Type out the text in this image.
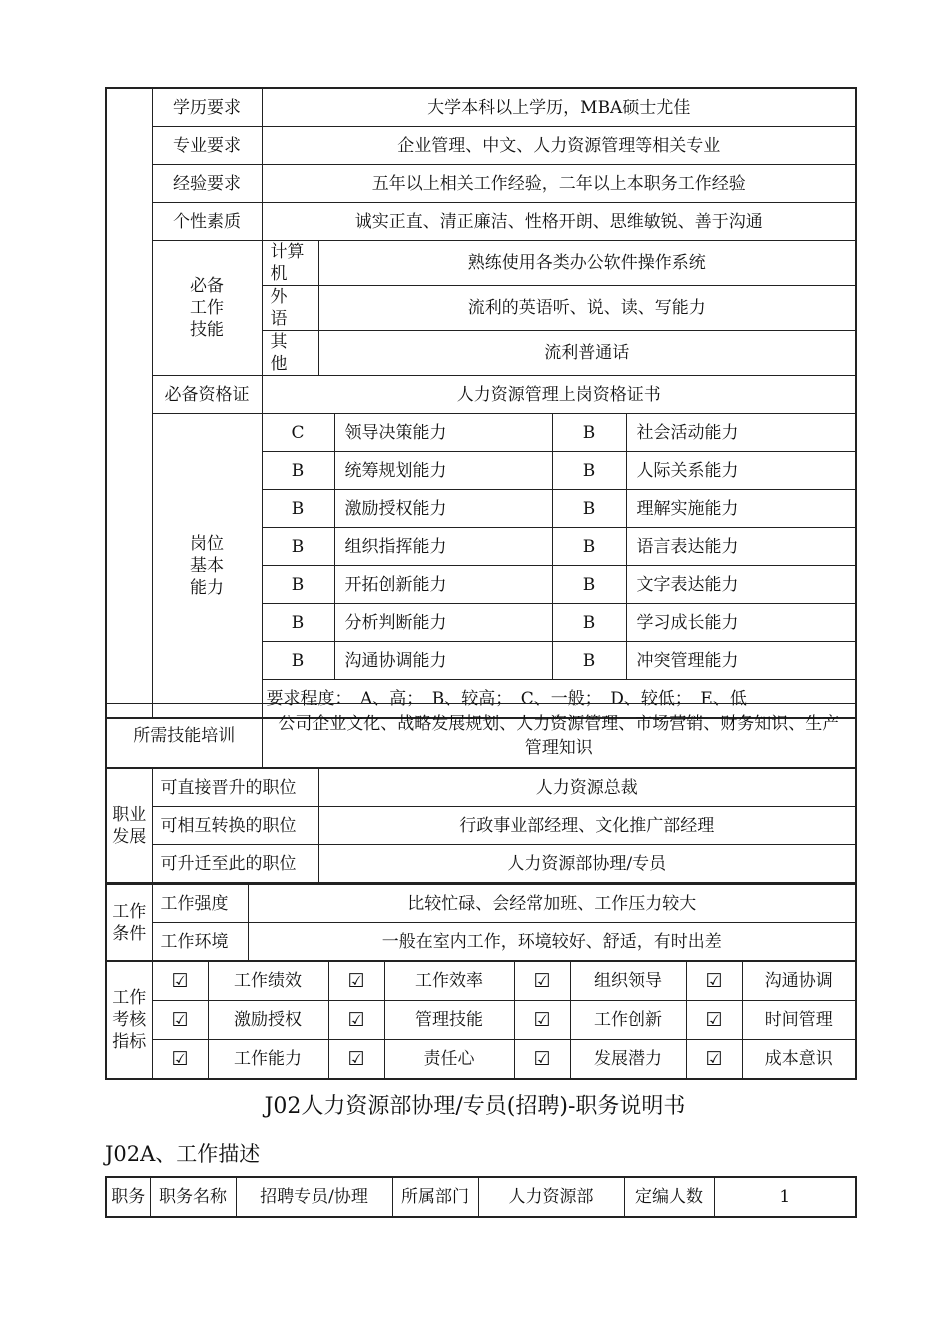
	学历要求	大学本科以上学历，MBA硕士尤佳				
	专业要求	企业管理、中文、人力资源管理等相关专业				
	经验要求	五年以上相关工作经验，二年以上本职务工作经验				
	个性素质	诚实正直、清正廉洁、性格开朗、思维敏锐、善于沟通				
	必备
工作
技能	计算机	熟练使用各类办公软件操作系统			
		外　语	流利的英语听、说、读、写能力			
		其　他	流利普通话			
	必备资格证	人力资源管理上岗资格证书				
	岗位
基本
能力	C		领导决策能力	B	社会活动能力
		B		统筹规划能力	B	人际关系能力
		B		激励授权能力	B	理解实施能力
		B		组织指挥能力	B	语言表达能力
		B		开拓创新能力	B	文字表达能力
		B		分析判断能力	B	学习成长能力
		B		沟通协调能力	B	冲突管理能力
		要求程度：　A、高；　B、较高；　C、一般；　D、较低；　E、低				
所需技能培训	公司企业文化、战略发展规划、人力资源管理、市场营销、财务知识、生产管理知识
职业
发展	可直接晋升的职位	人力资源总裁
	可相互转换的职位	行政事业部经理、文化推广部经理
	可升迁至此的职位	人力资源部协理/专员
工作
条件	工作强度	比较忙碌、会经常加班、工作压力较大
	工作环境	一般在室内工作，环境较好、舒适，有时出差
工作
考核
指标	☑	工作绩效	☑	工作效率	☑	组织领导	☑	沟通协调
	☑	激励授权	☑	管理技能	☑	工作创新	☑	时间管理
	☑	工作能力	☑	责任心	☑	发展潜力	☑	成本意识
J02人力资源部协理/专员(招聘)-职务说明书
J02A、工作描述
职务	职务名称	招聘专员/协理	所属部门	人力资源部	定编人数	1
